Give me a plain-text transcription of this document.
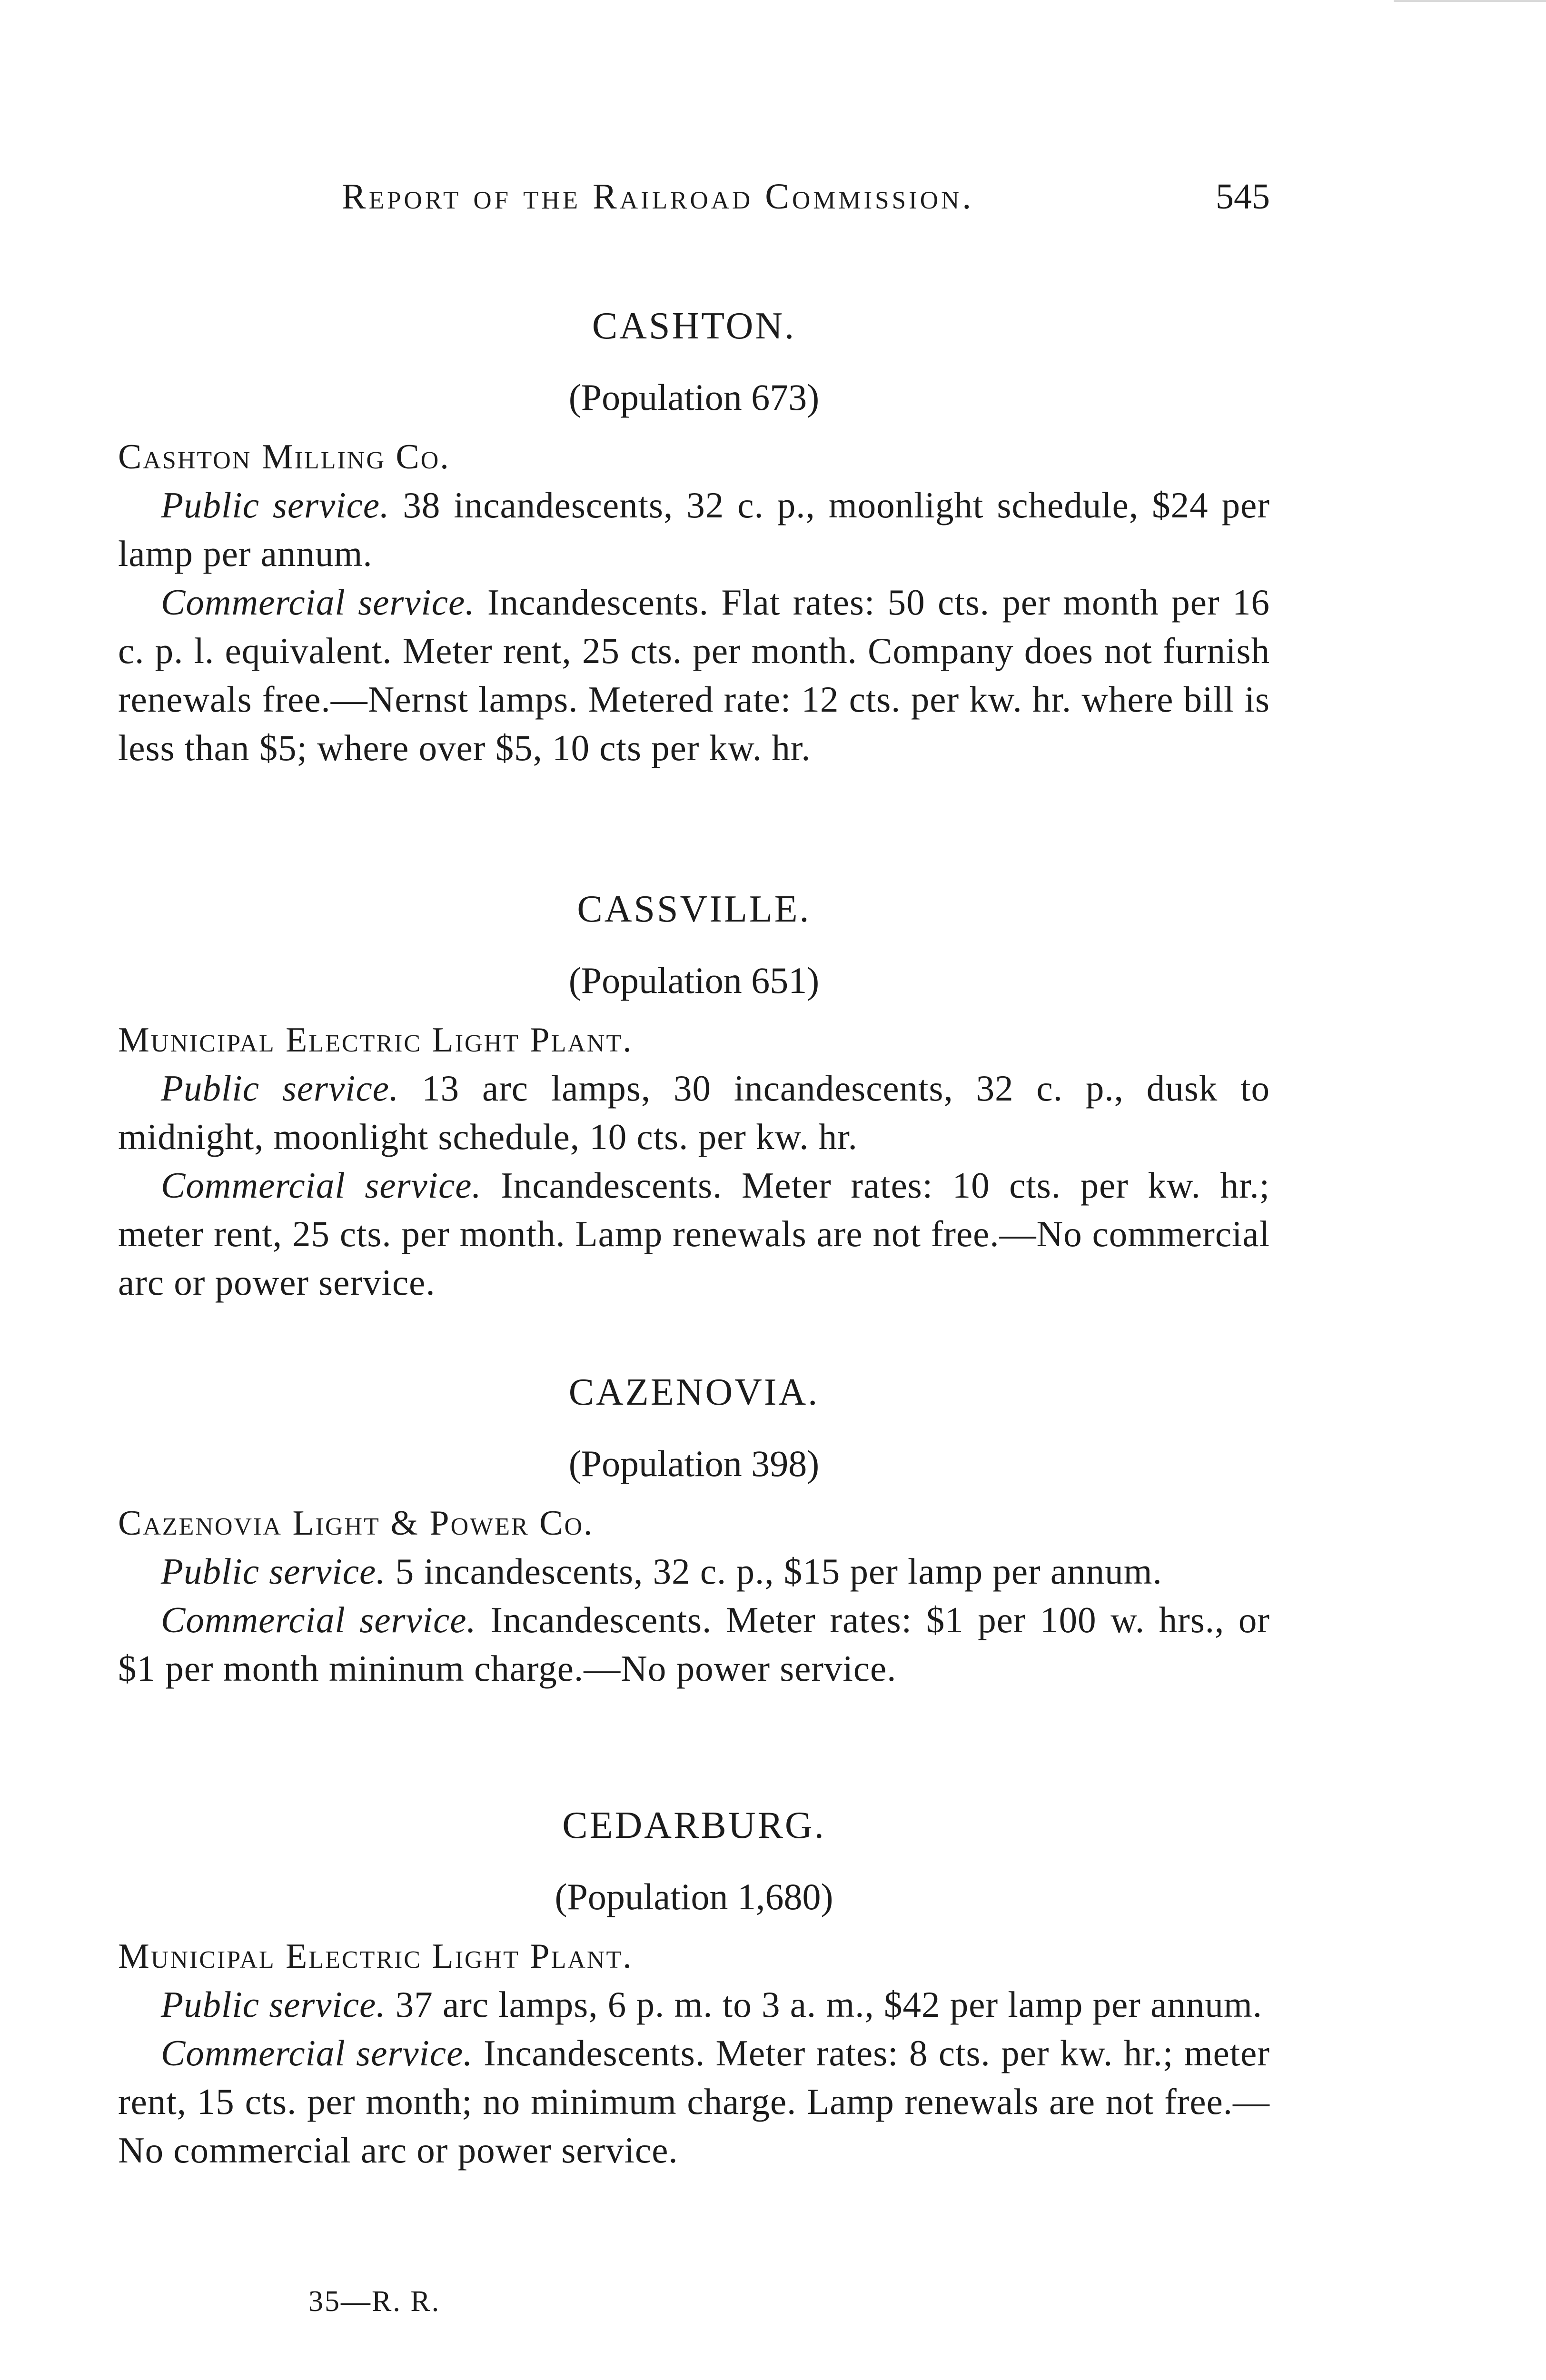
Report of the Railroad Commission.	545
CASHTON.
(Population 673)
Cashton Milling Co.

Public service. 38 incandescents, 32 c. p., moonlight schedule, $24 per lamp per annum.

Commercial service. Incandescents. Flat rates: 50 cts. per month per 16 c. p. l. equivalent. Meter rent, 25 cts. per month. Company does not furnish renewals free.—Nernst lamps. Metered rate: 12 cts. per kw. hr. where bill is less than $5; where over $5, 10 cts per kw. hr.

CASSVILLE.
(Population 651)
Municipal Electric Light Plant.

Public service. 13 arc lamps, 30 incandescents, 32 c. p., dusk to midnight, moonlight schedule, 10 cts. per kw. hr.

Commercial service. Incandescents. Meter rates: 10 cts. per kw. hr.; meter rent, 25 cts. per month. Lamp renewals are not free.—No commercial arc or power service.

CAZENOVIA.
(Population 398)
Cazenovia Light & Power Co.

Public service. 5 incandescents, 32 c. p., $15 per lamp per annum.

Commercial service. Incandescents. Meter rates: $1 per 100 w. hrs., or $1 per month mininum charge.—No power service.

CEDARBURG.
(Population 1,680)
Municipal Electric Light Plant.

Public service. 37 arc lamps, 6 p. m. to 3 a. m., $42 per lamp per annum.

Commercial service. Incandescents. Meter rates: 8 cts. per kw. hr.; meter rent, 15 cts. per month; no minimum charge. Lamp renewals are not free.—No commercial arc or power service.

35—R. R.
